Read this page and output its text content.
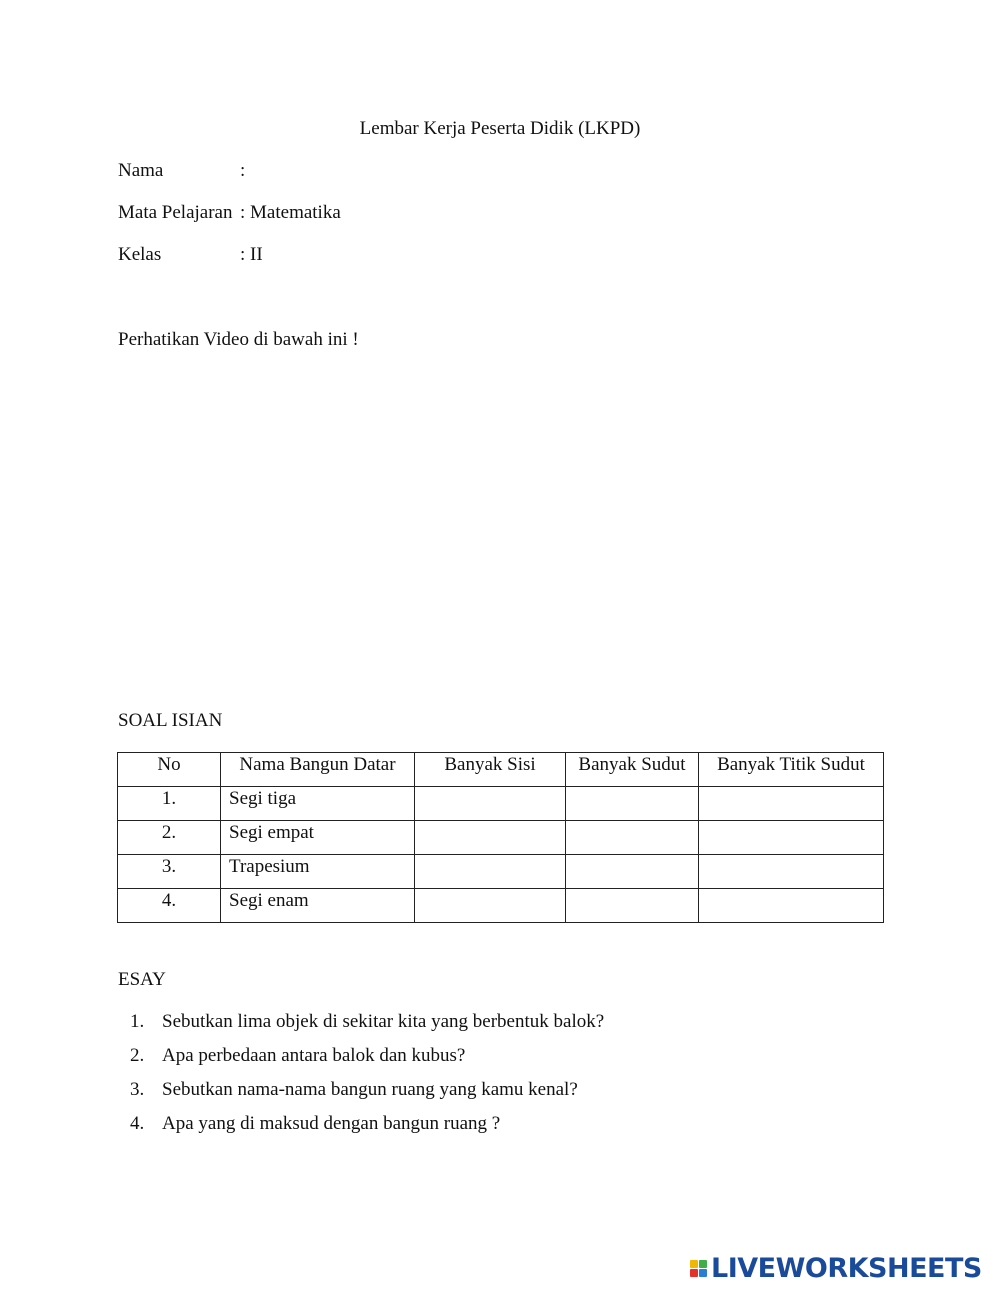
Lembar Kerja Peserta Didik (LKPD)
Nama	:
Mata Pelajaran : Matematika
Kelas	: II
Perhatikan Video di bawah ini !
SOAL ISIAN
No	Nama Bangun Datar	Banyak Sisi	Banyak Sudut	Banyak Titik Sudut
1.	Segi tiga			
2.	Segi empat			
3.	Trapesium			
4.	Segi enam			
ESAY
1. Sebutkan lima objek di sekitar kita yang berbentuk balok?
2. Apa perbedaan antara balok dan kubus?
3. Sebutkan nama-nama bangun ruang yang kamu kenal?
4. Apa yang di maksud dengan bangun ruang ?
LIVEWORKSHEETS
